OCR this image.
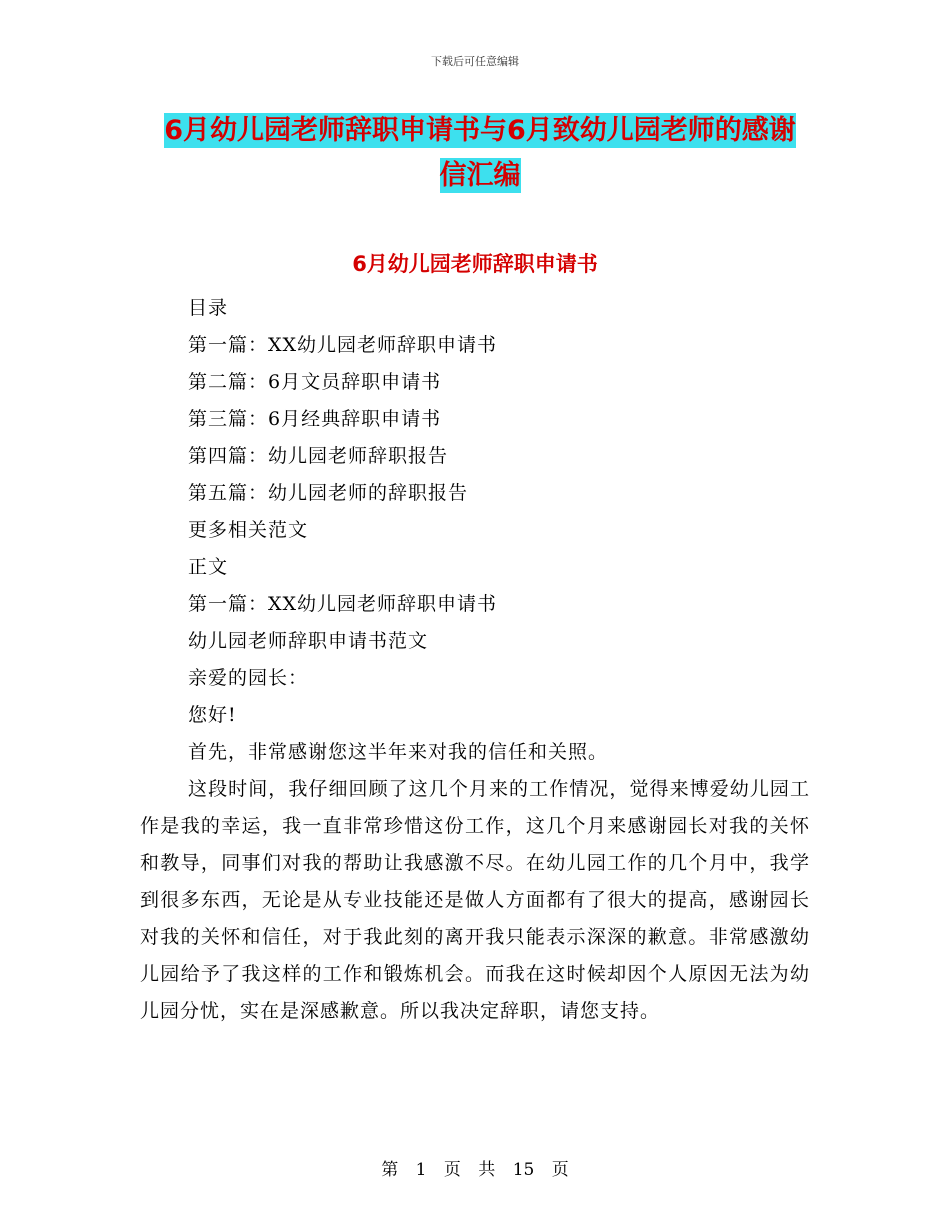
下载后可任意编辑
6月幼儿园老师辞职申请书与6月致幼儿园老师的感谢
信汇编
6月幼儿园老师辞职申请书

目录

第一篇：XX幼儿园老师辞职申请书

第二篇：6月文员辞职申请书

第三篇：6月经典辞职申请书

第四篇：幼儿园老师辞职报告

第五篇：幼儿园老师的辞职报告

更多相关范文

正文

第一篇：XX幼儿园老师辞职申请书

幼儿园老师辞职申请书范文

亲爱的园长：

您好!

首先，非常感谢您这半年来对我的信任和关照。

这段时间，我仔细回顾了这几个月来的工作情况，觉得来博爱幼儿园工作是我的幸运，我一直非常珍惜这份工作，这几个月来感谢园长对我的关怀和教导，同事们对我的帮助让我感激不尽。在幼儿园工作的几个月中，我学到很多东西，无论是从专业技能还是做人方面都有了很大的提高，感谢园长对我的关怀和信任，对于我此刻的离开我只能表示深深的歉意。非常感激幼儿园给予了我这样的工作和锻炼机会。而我在这时候却因个人原因无法为幼儿园分忧，实在是深感歉意。所以我决定辞职，请您支持。

第 1 页 共 15 页
